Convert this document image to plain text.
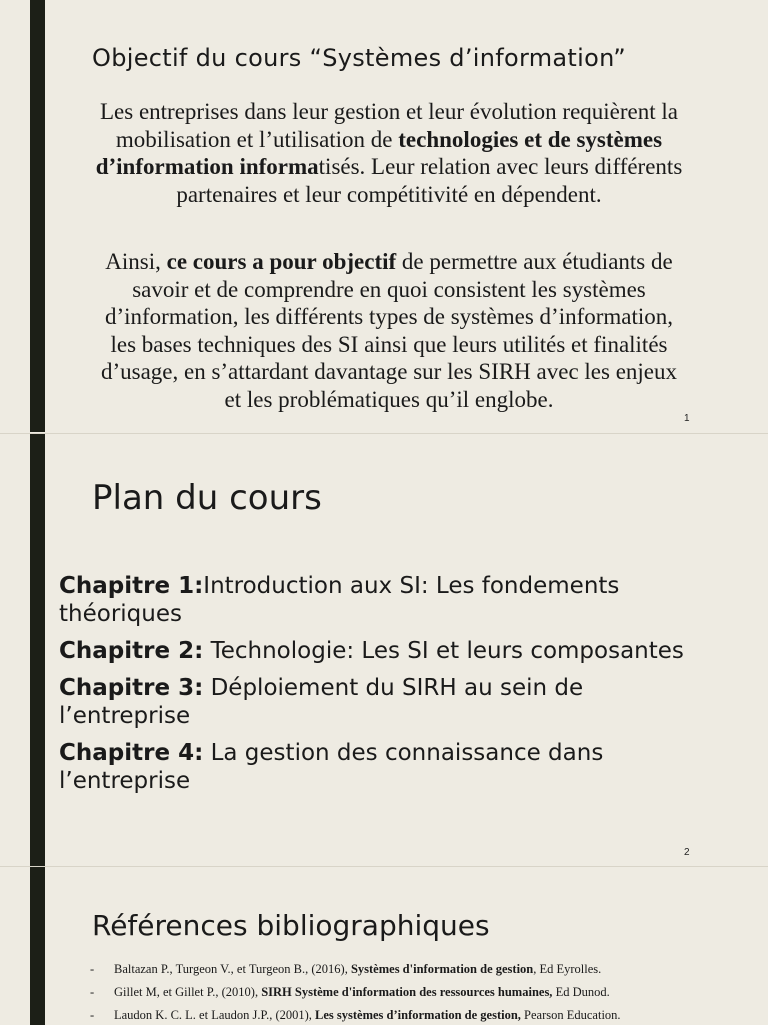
Objectif du cours “Systèmes d’information”
Les entreprises dans leur gestion et leur évolution requièrent la mobilisation et l’utilisation de technologies et de systèmes d’information informatisés. Leur relation avec leurs différents partenaires et leur compétitivité en dépendent.
Ainsi, ce cours a pour objectif de permettre aux étudiants de savoir et de comprendre en quoi consistent les systèmes d’information, les différents types de systèmes d’information, les bases techniques des SI ainsi que leurs utilités et finalités d’usage, en s’attardant davantage sur les SIRH avec les enjeux et les problématiques qu’il englobe.
1
Plan du cours
Chapitre 1:Introduction aux SI: Les fondements théoriques
Chapitre 2: Technologie: Les SI et leurs composantes
Chapitre 3: Déploiement du SIRH au sein de l’entreprise
Chapitre 4: La gestion des connaissance dans l’entreprise
2
Références bibliographiques
- Baltazan P., Turgeon V., et Turgeon B., (2016), Systèmes d'information de gestion, Ed Eyrolles.
- Gillet M, et Gillet P., (2010), SIRH Système d'information des ressources humaines, Ed Dunod.
- Laudon K. C. L. et Laudon J.P., (2001), Les systèmes d’information de gestion, Pearson Education.
